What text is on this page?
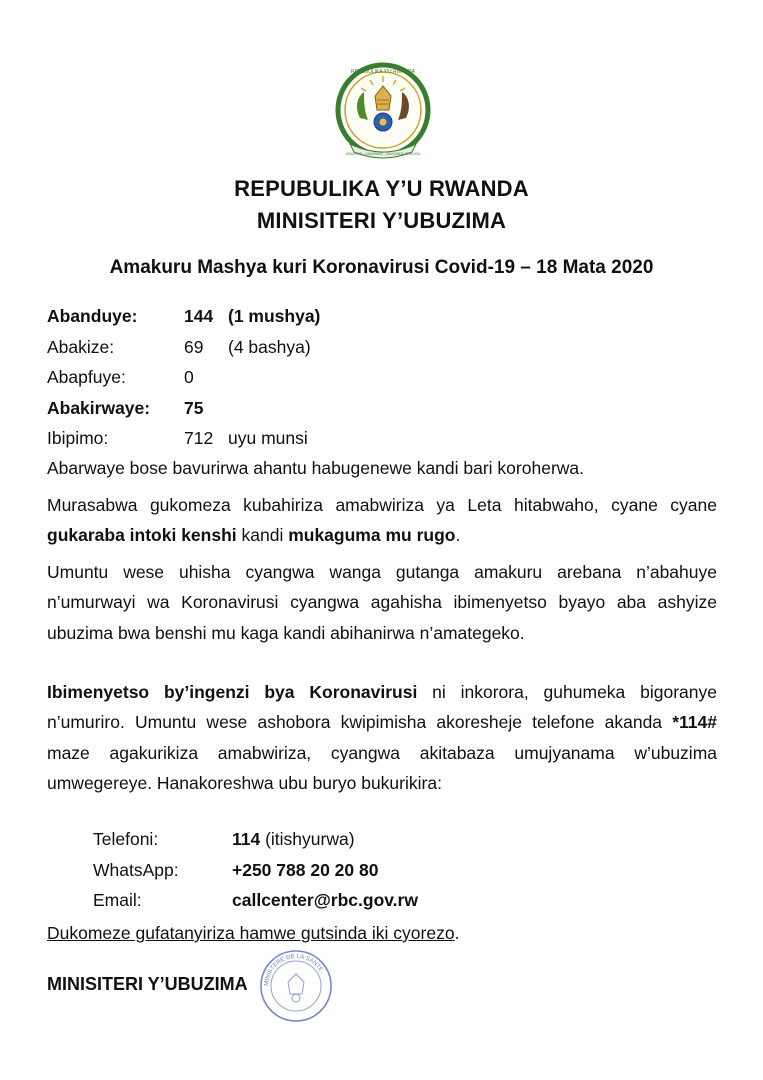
REPUBULIKA Y'U RWANDA
UBUMWE - UMURIMO - GUKUNDA IGIHUGU
REPUBULIKA Y’U RWANDA
MINISITERI Y’UBUZIMA
Amakuru Mashya kuri Koronavirusi Covid-19 – 18 Mata 2020
Abanduye:	144 (1 mushya)
Abakize:	69	(4 bashya)
Abapfuye:	0
Abakirwaye:	75
Ibipimo:	712 uyu munsi
Abarwaye bose bavurirwa ahantu habugenewe kandi bari koroherwa.
Murasabwa gukomeza kubahiriza amabwiriza ya Leta hitabwaho, cyane cyane gukaraba intoki kenshi kandi mukaguma mu rugo.
Umuntu wese uhisha cyangwa wanga gutanga amakuru arebana n’abahuye n’umurwayi wa Koronavirusi cyangwa agahisha ibimenyetso byayo aba ashyize ubuzima bwa benshi mu kaga kandi abihanirwa n’amategeko.
Ibimenyetso by’ingenzi bya Koronavirusi ni inkorora, guhumeka bigoranye n’umuriro. Umuntu wese ashobora kwipimisha akoresheje telefone akanda *114# maze agakurikiza amabwiriza, cyangwa akitabaza umujyanama w’ubuzima umwegereye. Hanakoreshwa ubu buryo bukurikira:
Telefoni:	114 (itishyurwa)
WhatsApp:	+250 788 20 20 80
Email:	callcenter@rbc.gov.rw
Dukomeze gufatanyiriza hamwe gutsinda iki cyorezo.
MINISITERI Y’UBUZIMA	MINISTERE DE LA SANTE
